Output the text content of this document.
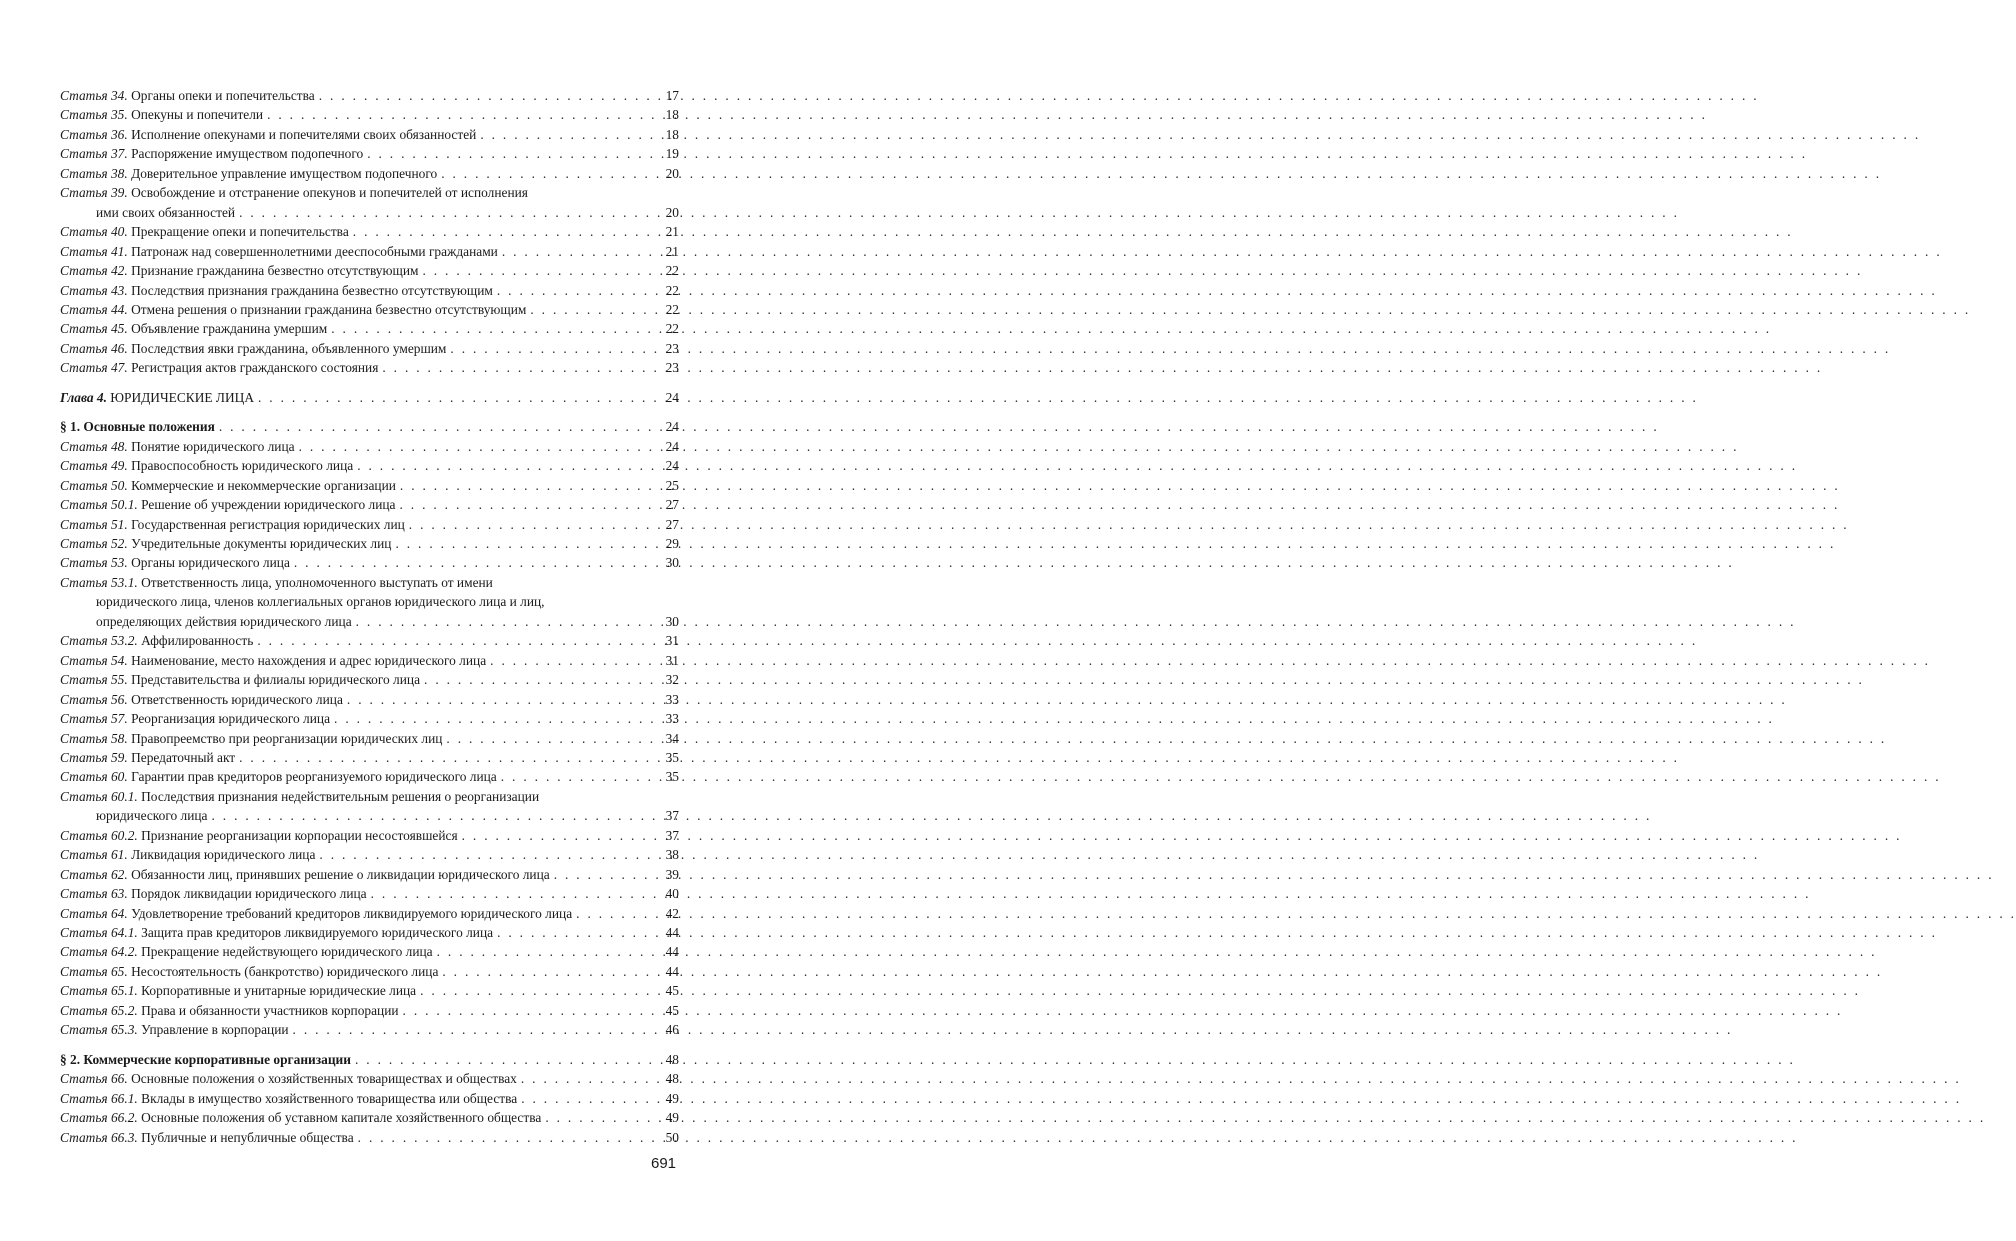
Статья 34. Органы опеки и попечительства . . .	17
Статья 35. Опекуны и попечители . . .	18
Статья 36. Исполнение опекунами и попечителями своих обязанностей . . .	18
Статья 37. Распоряжение имуществом подопечного . . .	19
Статья 38. Доверительное управление имуществом подопечного . . .	20
Статья 39. Освобождение и отстранение опекунов и попечителей от исполнения
ими своих обязанностей . . .	20
Статья 40. Прекращение опеки и попечительства . . .	21
Статья 41. Патронаж над совершеннолетними дееспособными гражданами . . .	21
Статья 42. Признание гражданина безвестно отсутствующим . . .	22
Статья 43. Последствия признания гражданина безвестно отсутствующим . . .	22
Статья 44. Отмена решения о признании гражданина безвестно отсутствующим . . .	22
Статья 45. Объявление гражданина умершим . . .	22
Статья 46. Последствия явки гражданина, объявленного умершим . . .	23
Статья 47. Регистрация актов гражданского состояния . . .	23
Глава 4. ЮРИДИЧЕСКИЕ ЛИЦА . . .	24
§ 1. Основные положения . . .	24
Статья 48. Понятие юридического лица . . .	24
Статья 49. Правоспособность юридического лица . . .	24
Статья 50. Коммерческие и некоммерческие организации . . .	25
Статья 50.1. Решение об учреждении юридического лица . . .	27
Статья 51. Государственная регистрация юридических лиц . . .	27
Статья 52. Учредительные документы юридических лиц . . .	29
Статья 53. Органы юридического лица . . .	30
Статья 53.1. Ответственность лица, уполномоченного выступать от имени
юридического лица, членов коллегиальных органов юридического лица и лиц,
определяющих действия юридического лица . . .	30
Статья 53.2. Аффилированность . . .	31
Статья 54. Наименование, место нахождения и адрес юридического лица . . .	31
Статья 55. Представительства и филиалы юридического лица . . .	32
Статья 56. Ответственность юридического лица . . .	33
Статья 57. Реорганизация юридического лица . . .	33
Статья 58. Правопреемство при реорганизации юридических лиц . . .	34
Статья 59. Передаточный акт . . .	35
Статья 60. Гарантии прав кредиторов реорганизуемого юридического лица . . .	35
Статья 60.1. Последствия признания недействительным решения о реорганизации
юридического лица . . .	37
Статья 60.2. Признание реорганизации корпорации несостоявшейся . . .	37
Статья 61. Ликвидация юридического лица . . .	38
Статья 62. Обязанности лиц, принявших решение о ликвидации юридического лица . . .	39
Статья 63. Порядок ликвидации юридического лица . . .	40
Статья 64. Удовлетворение требований кредиторов ликвидируемого юридического лица . . .	42
Статья 64.1. Защита прав кредиторов ликвидируемого юридического лица . . .	44
Статья 64.2. Прекращение недействующего юридического лица . . .	44
Статья 65. Несостоятельность (банкротство) юридического лица . . .	44
Статья 65.1. Корпоративные и унитарные юридические лица . . .	45
Статья 65.2. Права и обязанности участников корпорации . . .	45
Статья 65.3. Управление в корпорации . . .	46
§ 2. Коммерческие корпоративные организации . . .	48
Статья 66. Основные положения о хозяйственных товариществах и обществах . . .	48
Статья 66.1. Вклады в имущество хозяйственного товарищества или общества . . .	49
Статья 66.2. Основные положения об уставном капитале хозяйственного общества . . .	49
Статья 66.3. Публичные и непубличные общества . . .	50
691
